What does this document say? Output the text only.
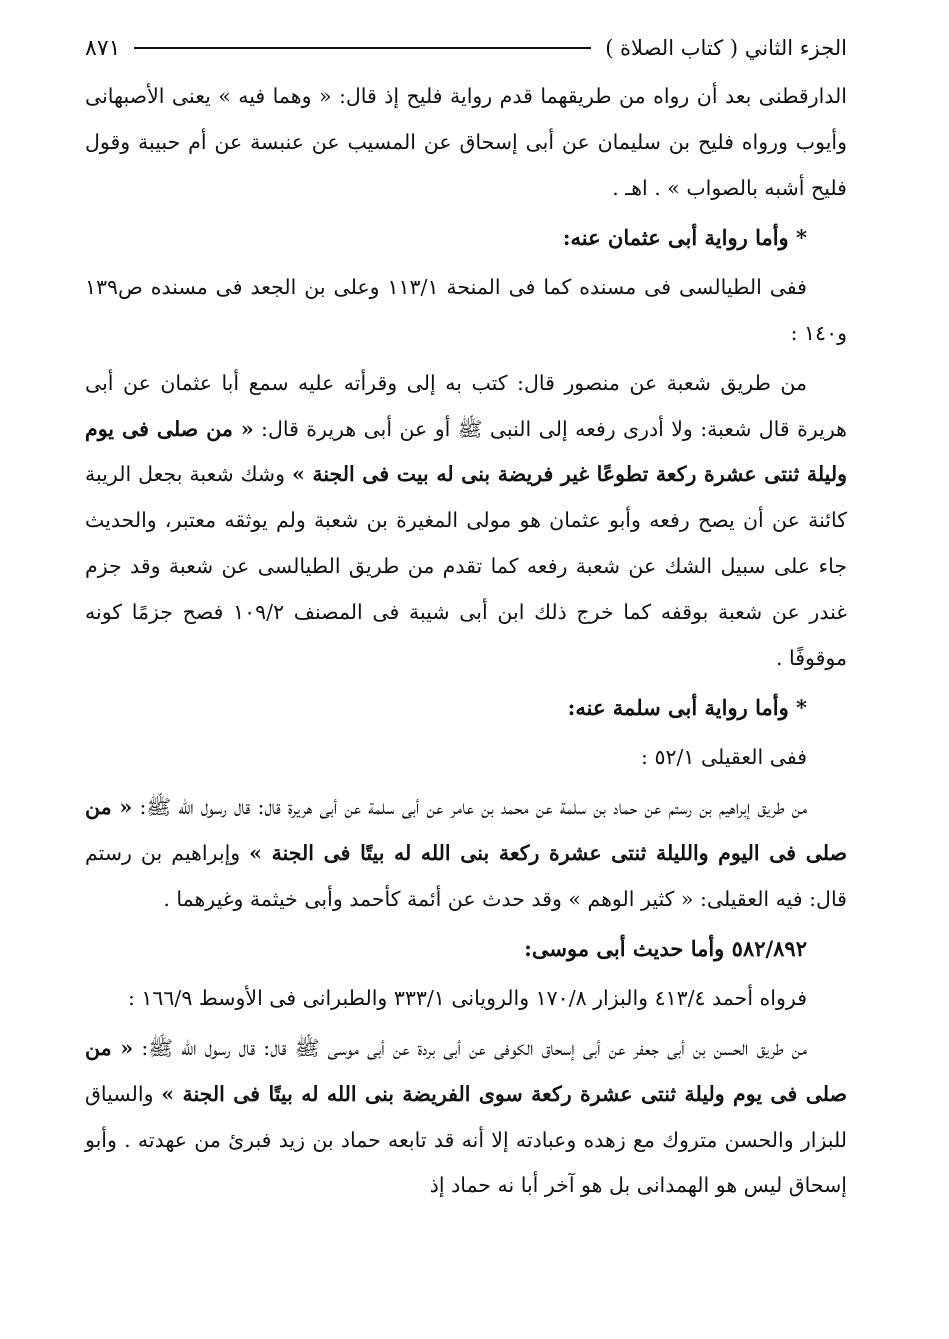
الجزء الثاني ( كتاب الصلاة )
٨٧١

الدارقطنى بعد أن رواه من طريقهما قدم رواية فليح إذ قال: « وهما فيه » يعنى الأصبهانى وأيوب ورواه فليح بن سليمان عن أبى إسحاق عن المسيب عن عنبسة عن أم حبيبة وقول فليح أشبه بالصواب » . اهـ .

* وأما رواية أبى عثمان عنه:

ففى الطيالسى فى مسنده كما فى المنحة ١١٣/١ وعلى بن الجعد فى مسنده ص١٣٩ و١٤٠ :

من طريق شعبة عن منصور قال: كتب به إلى وقرأته عليه سمع أبا عثمان عن أبى هريرة قال شعبة: ولا أدرى رفعه إلى النبى ﷺ أو عن أبى هريرة قال: « من صلى فى يوم وليلة ثنتى عشرة ركعة تطوعًا غير فريضة بنى له بيت فى الجنة » وشك شعبة بجعل الريبة كائنة عن أن يصح رفعه وأبو عثمان هو مولى المغيرة بن شعبة ولم يوثقه معتبر، والحديث جاء على سبيل الشك عن شعبة رفعه كما تقدم من طريق الطيالسى عن شعبة وقد جزم غندر عن شعبة بوقفه كما خرج ذلك ابن أبى شيبة فى المصنف ١٠٩/٢ فصح جزمًا كونه موقوفًا .

* وأما رواية أبى سلمة عنه:

ففى العقيلى ٥٢/١ :

من طريق إبراهيم بن رستم عن حماد بن سلمة عن محمد بن عامر عن أبى سلمة عن أبى هريرة قال: قال رسول الله ﷺ: « من صلى فى اليوم والليلة ثنتى عشرة ركعة بنى الله له بيتًا فى الجنة » وإبراهيم بن رستم قال: فيه العقيلى: « كثير الوهم » وقد حدث عن أئمة كأحمد وأبى خيثمة وغيرهما .

٥٨٢/٨٩٢ وأما حديث أبى موسى:

فرواه أحمد ٤١٣/٤ والبزار ١٧٠/٨ والرويانى ٣٣٣/١ والطبرانى فى الأوسط ١٦٦/٩ :

من طريق الحسن بن أبى جعفر عن أبى إسحاق الكوفى عن أبى بردة عن أبى موسى ﷺ قال: قال رسول الله ﷺ: « من صلى فى يوم وليلة ثنتى عشرة ركعة سوى الفريضة بنى الله له بيتًا فى الجنة » والسياق للبزار والحسن متروك مع زهده وعبادته إلا أنه قد تابعه حماد بن زيد فبرئ من عهدته . وأبو إسحاق ليس هو الهمدانى بل هو آخر أبا نه حماد إذ
